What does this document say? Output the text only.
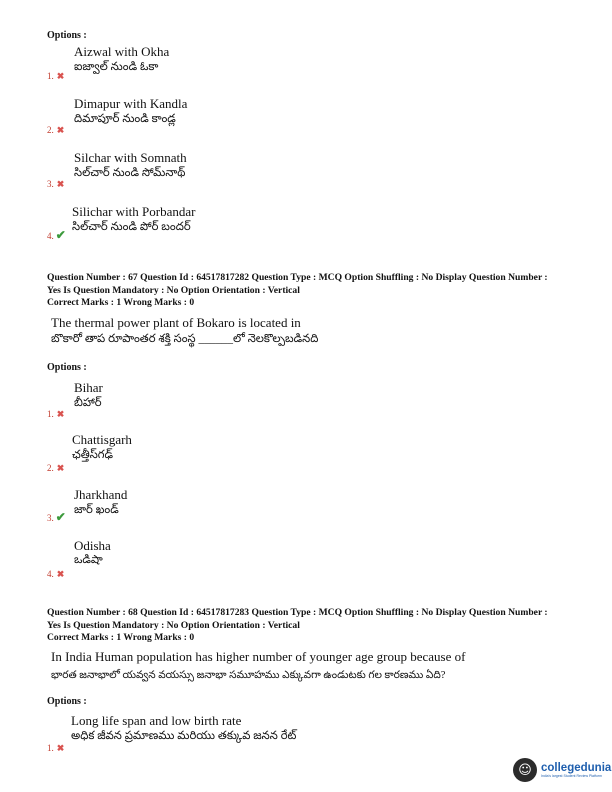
Options :
Aizwal with Okha
ఐజ్వాల్ నుండి ఓకా
1. ✖
Dimapur with Kandla
దిమాపూర్ నుండి కాండ్ల
2. ✖
Silchar with Somnath
సిల్‌చార్ నుండి సోమ్‌నాథ్
3. ✖
Silichar with Porbandar
సిల్‌చార్ నుండి పోర్ బందర్
4. ✔
Question Number : 67 Question Id : 64517817282 Question Type : MCQ Option Shuffling : No Display Question Number :
Yes Is Question Mandatory : No Option Orientation : Vertical
Correct Marks : 1 Wrong Marks : 0
The thermal power plant of Bokaro is located in
బొకారో తాప రూపాంతర శక్తి సంస్థ ______లో నెలకొల్పబడినది
Options :
Bihar
బీహార్
1. ✖
Chattisgarh
ఛత్తీస్‌గఢ్
2. ✖
Jharkhand
జార్ ఖండ్
3. ✔
Odisha
ఒడిషా
4. ✖
Question Number : 68 Question Id : 64517817283 Question Type : MCQ Option Shuffling : No Display Question Number :
Yes Is Question Mandatory : No Option Orientation : Vertical
Correct Marks : 1 Wrong Marks : 0
In India Human population has higher number of younger age group because of
భారత జనాభాలో యవ్వన వయస్సు జనాభా సమూహము ఎక్కువగా ఉండుటకు గల కారణము ఏది?
Options :
Long life span and low birth rate
అధిక జీవన ప్రమాణము మరియు తక్కువ జనన రేట్
1. ✖
☺ collegedunia
India's largest Student Review Platform
